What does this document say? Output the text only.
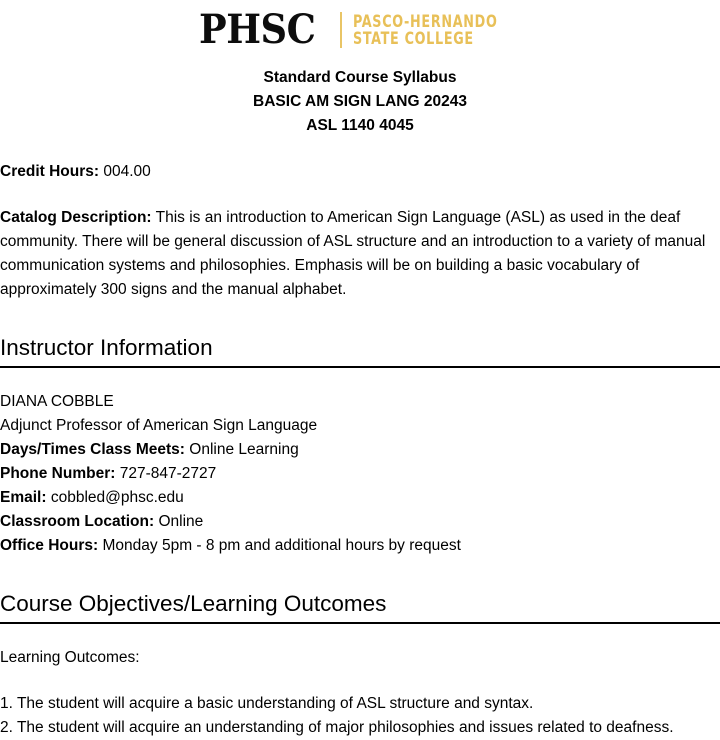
PHSC PASCO-HERNANDO
STATE COLLEGE
Standard Course Syllabus
BASIC AM SIGN LANG 20243
ASL 1140 4045

Credit Hours: 004.00

Catalog Description: This is an introduction to American Sign Language (ASL) as used in the deaf community. There will be general discussion of ASL structure and an introduction to a variety of manual communication systems and philosophies. Emphasis will be on building a basic vocabulary of approximately 300 signs and the manual alphabet.

Instructor Information

DIANA COBBLE

Adjunct Professor of American Sign Language

Days/Times Class Meets: Online Learning

Phone Number: 727-847-2727

Email: cobbled@phsc.edu

Classroom Location: Online

Office Hours: Monday 5pm - 8 pm and additional hours by request

Course Objectives/Learning Outcomes

Learning Outcomes:

1. The student will acquire a basic understanding of ASL structure and syntax.

2. The student will acquire an understanding of major philosophies and issues related to deafness.
